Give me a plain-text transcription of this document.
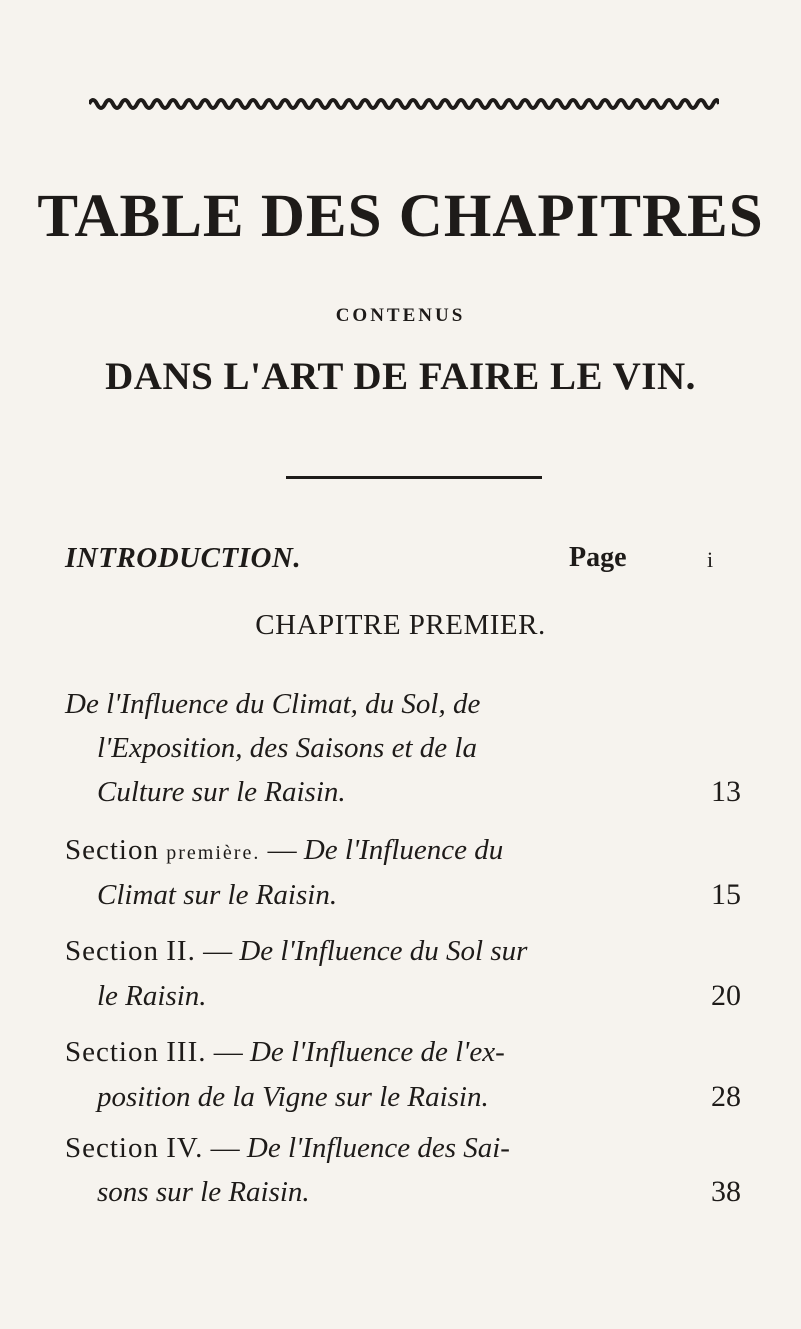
TABLE DES CHAPITRES
CONTENUS
DANS L'ART DE FAIRE LE VIN.
INTRODUCTION.	Page	i
CHAPITRE PREMIER.
De l'Influence du Climat, du Sol, de
l'Exposition, des Saisons et de la
Culture sur le Raisin.	13
Section première. — De l'Influence du
Climat sur le Raisin.	15
Section II. — De l'Influence du Sol sur
le Raisin.	20
Section III. — De l'Influence de l'ex-
position de la Vigne sur le Raisin.	28
Section IV. — De l'Influence des Sai-
sons sur le Raisin.	38
